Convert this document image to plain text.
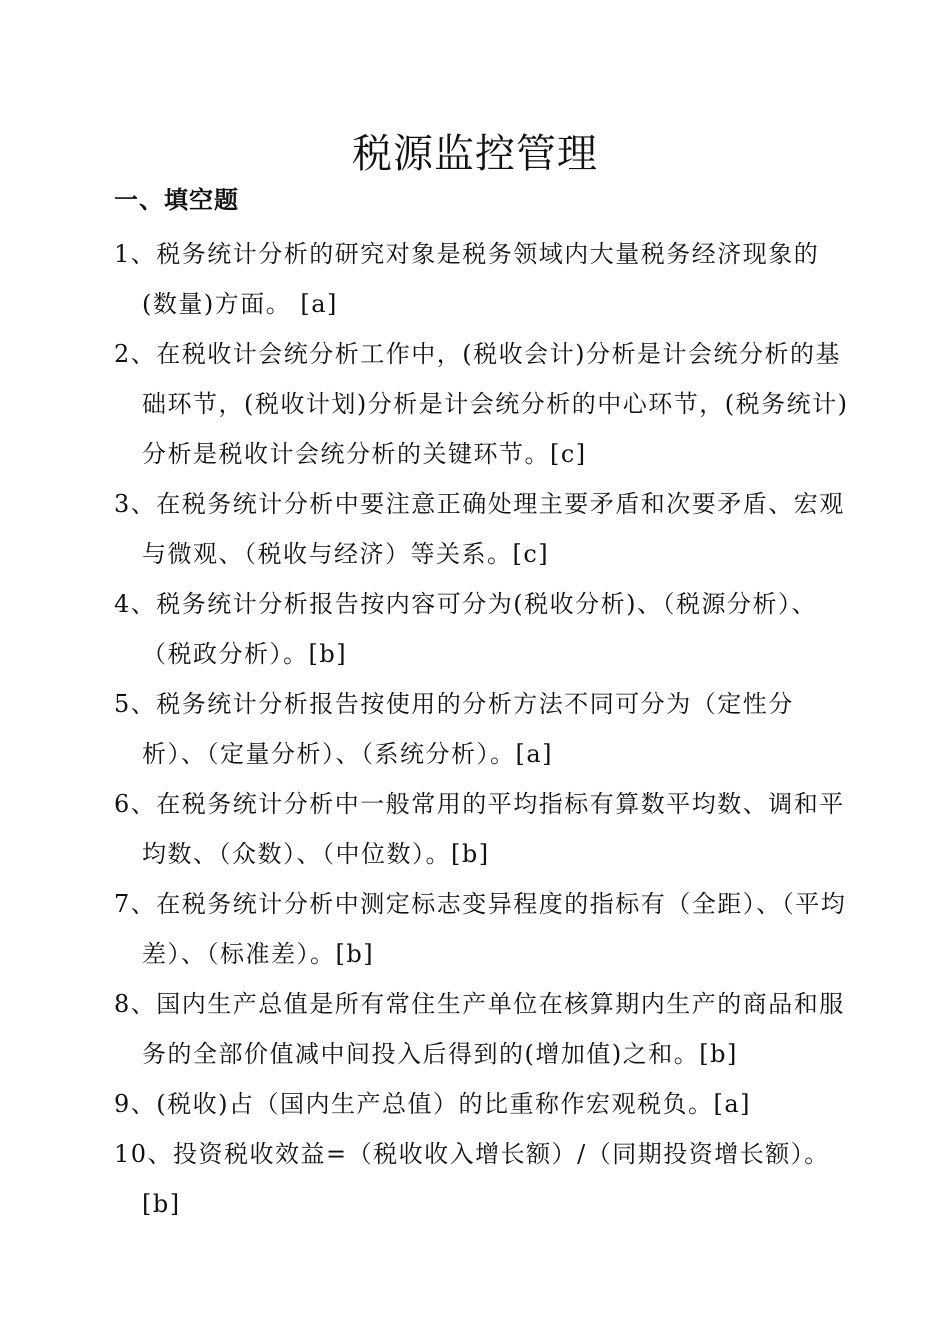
税源监控管理
一、填空题
1、税务统计分析的研究对象是税务领域内大量税务经济现象的(数量)方面。 [a]
2、在税收计会统分析工作中，(税收会计)分析是计会统分析的基础环节，(税收计划)分析是计会统分析的中心环节，(税务统计)分析是税收计会统分析的关键环节。[c]
3、在税务统计分析中要注意正确处理主要矛盾和次要矛盾、宏观与微观、（税收与经济）等关系。[c]
4、税务统计分析报告按内容可分为(税收分析)、（税源分析）、（税政分析）。[b]
5、税务统计分析报告按使用的分析方法不同可分为（定性分析）、（定量分析）、（系统分析）。[a]
6、在税务统计分析中一般常用的平均指标有算数平均数、调和平均数、（众数）、（中位数）。[b]
7、在税务统计分析中测定标志变异程度的指标有（全距）、（平均差）、（标准差）。[b]
8、国内生产总值是所有常住生产单位在核算期内生产的商品和服务的全部价值减中间投入后得到的(增加值)之和。[b]
9、(税收)占（国内生产总值）的比重称作宏观税负。[a]
10、投资税收效益=（税收收入增长额）/（同期投资增长额）。[b]
